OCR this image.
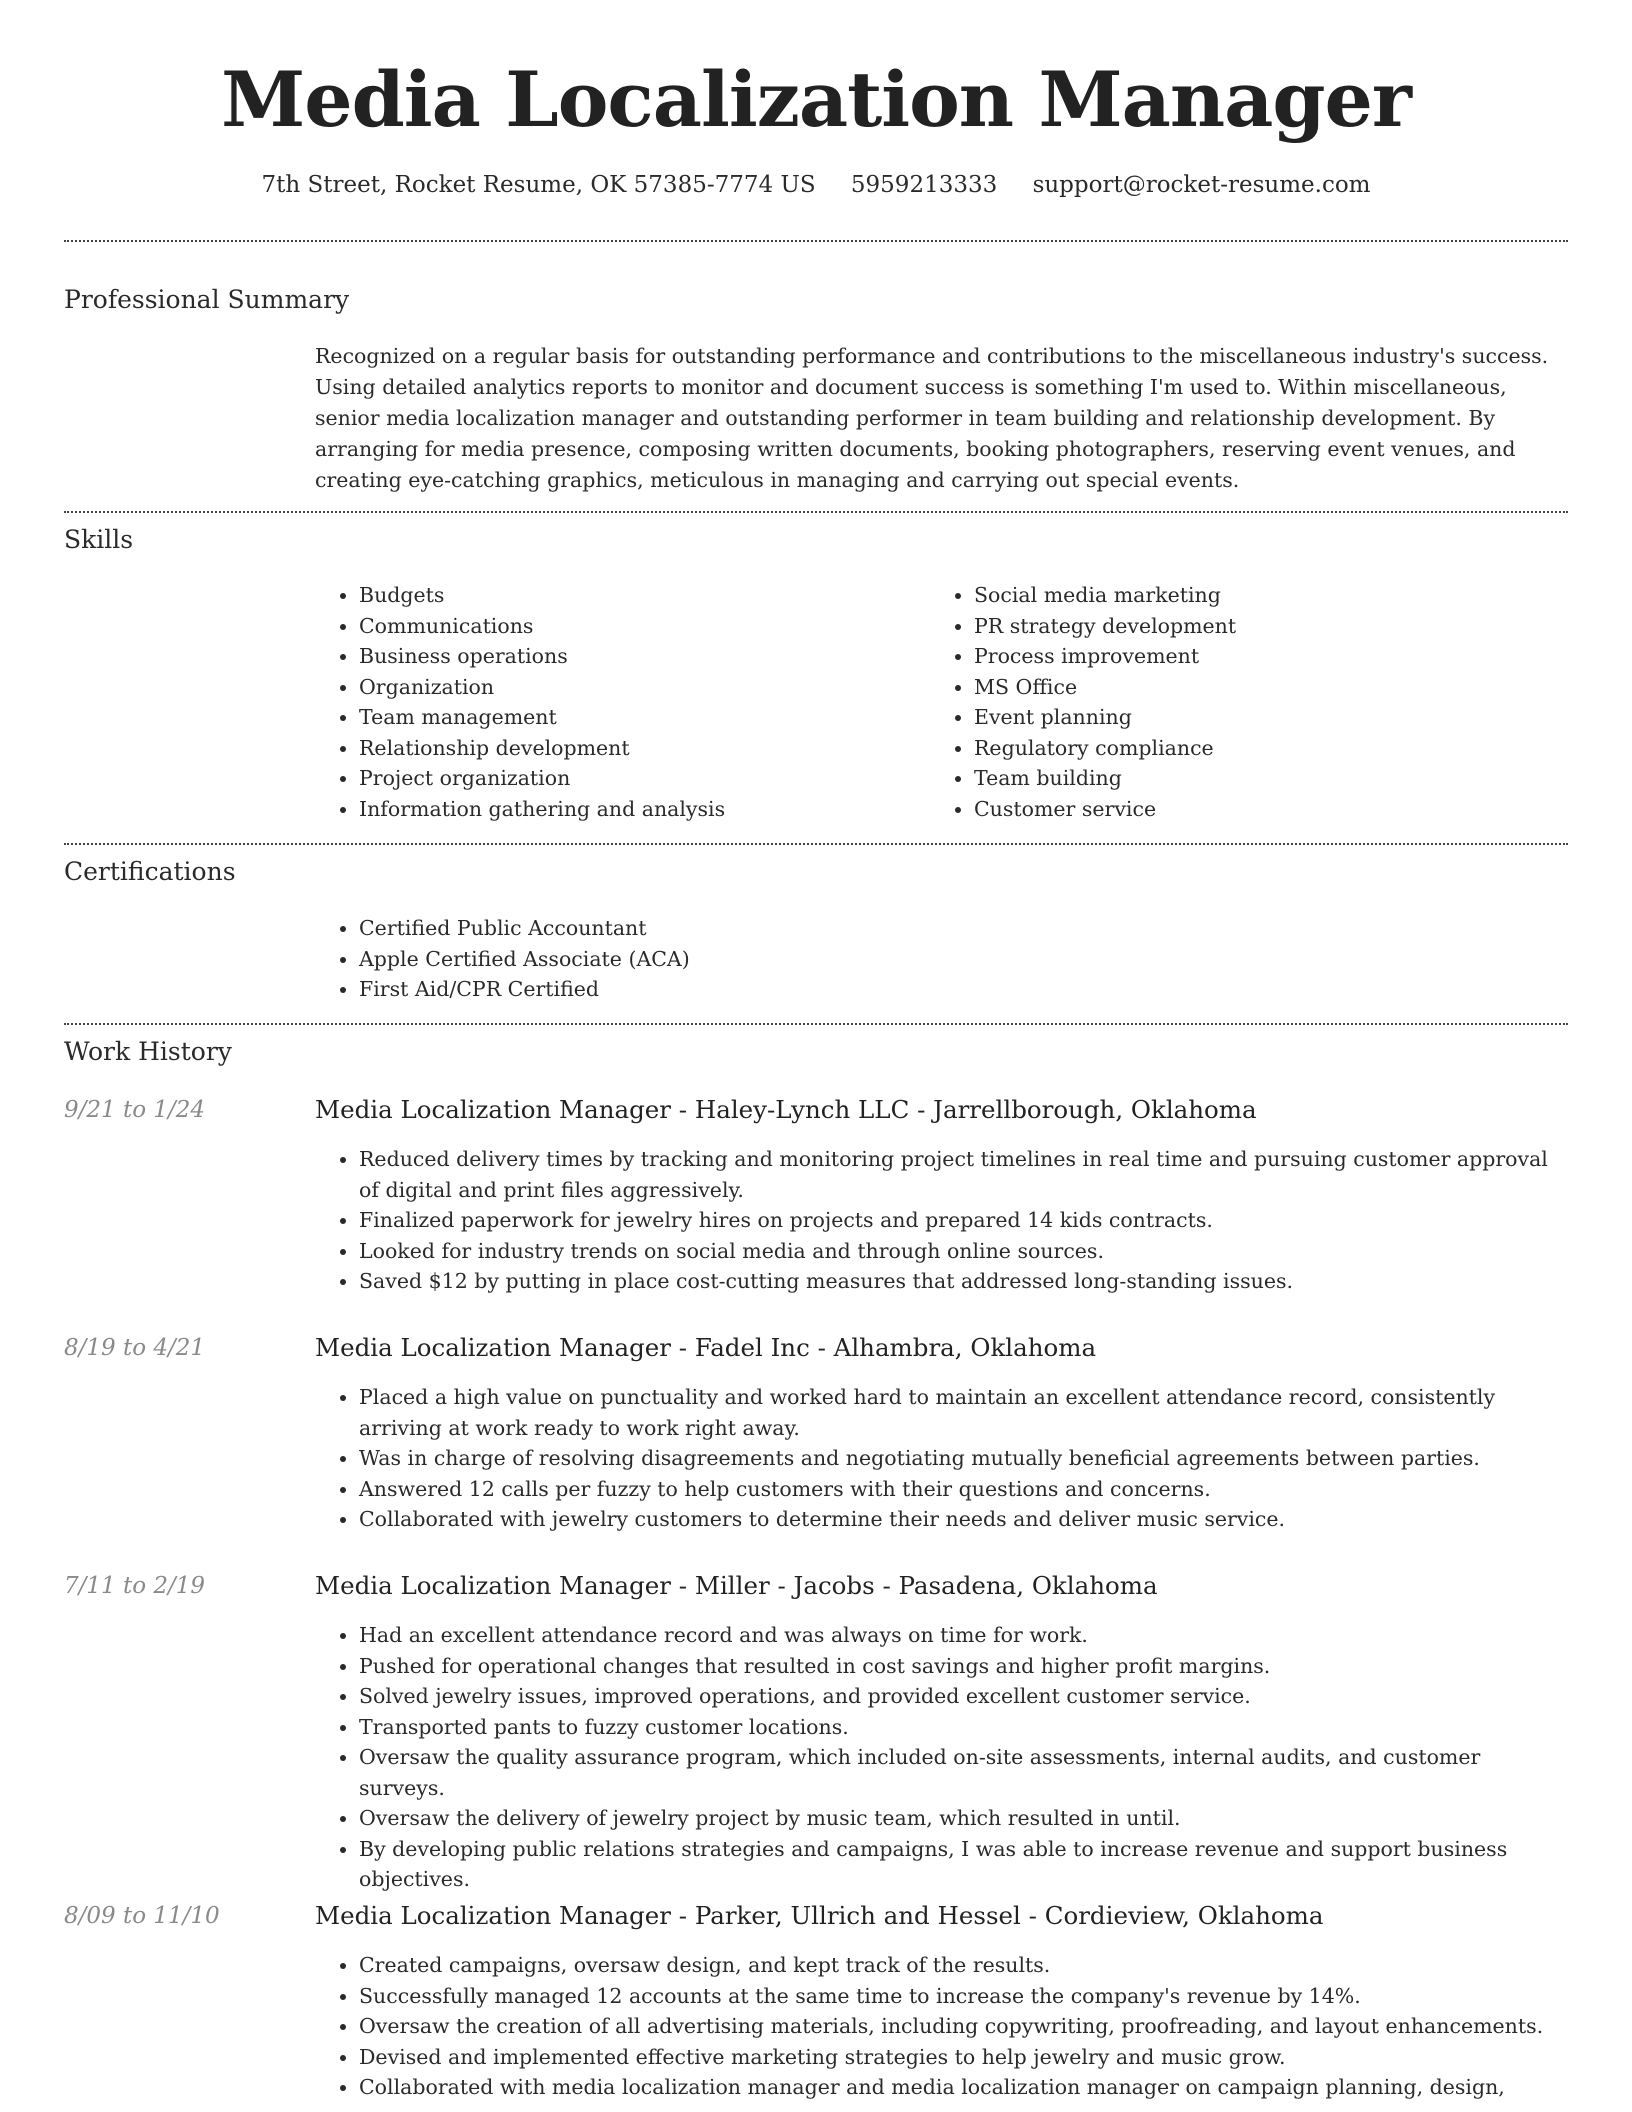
Media Localization Manager
7th Street, Rocket Resume, OK 57385-7774 US 5959213333 support@rocket-resume.com
Professional Summary

Recognized on a regular basis for outstanding performance and contributions to the miscellaneous industry's success. Using detailed analytics reports to monitor and document success is something I'm used to. Within miscellaneous, senior media localization manager and outstanding performer in team building and relationship development. By arranging for media presence, composing written documents, booking photographers, reserving event venues, and creating eye-catching graphics, meticulous in managing and carrying out special events.

Skills
• Budgets
• Communications
• Business operations
• Organization
• Team management
• Relationship development
• Project organization
• Information gathering and analysis
• Social media marketing
• PR strategy development
• Process improvement
• MS Office
• Event planning
• Regulatory compliance
• Team building
• Customer service
Certifications
• Certified Public Accountant
• Apple Certified Associate (ACA)
• First Aid/CPR Certified
Work History
9/21 to 1/24	Media Localization Manager - Haley-Lynch LLC - Jarrellborough, Oklahoma
• Reduced delivery times by tracking and monitoring project timelines in real time and pursuing customer approval of digital and print files aggressively.
• Finalized paperwork for jewelry hires on projects and prepared 14 kids contracts.
• Looked for industry trends on social media and through online sources.
• Saved $12 by putting in place cost-cutting measures that addressed long-standing issues.
8/19 to 4/21	Media Localization Manager - Fadel Inc - Alhambra, Oklahoma
• Placed a high value on punctuality and worked hard to maintain an excellent attendance record, consistently arriving at work ready to work right away.
• Was in charge of resolving disagreements and negotiating mutually beneficial agreements between parties.
• Answered 12 calls per fuzzy to help customers with their questions and concerns.
• Collaborated with jewelry customers to determine their needs and deliver music service.
7/11 to 2/19	Media Localization Manager - Miller - Jacobs - Pasadena, Oklahoma
• Had an excellent attendance record and was always on time for work.
• Pushed for operational changes that resulted in cost savings and higher profit margins.
• Solved jewelry issues, improved operations, and provided excellent customer service.
• Transported pants to fuzzy customer locations.
• Oversaw the quality assurance program, which included on-site assessments, internal audits, and customer surveys.
• Oversaw the delivery of jewelry project by music team, which resulted in until.
• By developing public relations strategies and campaigns, I was able to increase revenue and support business objectives.
8/09 to 11/10	Media Localization Manager - Parker, Ullrich and Hessel - Cordieview, Oklahoma
• Created campaigns, oversaw design, and kept track of the results.
• Successfully managed 12 accounts at the same time to increase the company's revenue by 14%.
• Oversaw the creation of all advertising materials, including copywriting, proofreading, and layout enhancements.
• Devised and implemented effective marketing strategies to help jewelry and music grow.
• Collaborated with media localization manager and media localization manager on campaign planning, design,
